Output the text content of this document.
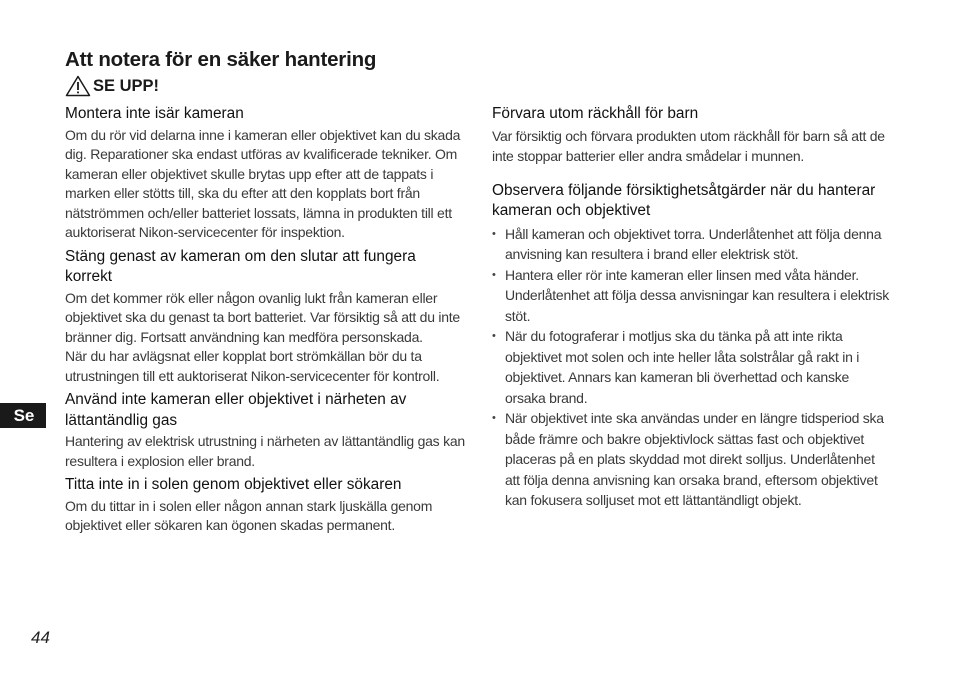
Att notera för en säker hantering
SE UPP!

Montera inte isär kameran

Om du rör vid delarna inne i kameran eller objektivet kan du skada dig. Reparationer ska endast utföras av kvalificerade tekniker. Om kameran eller objektivet skulle brytas upp efter att de tappats i marken eller stötts till, ska du efter att den kopplats bort från nätströmmen och/eller batteriet lossats, lämna in produkten till ett auktoriserat Nikon-servicecenter för inspektion.

Stäng genast av kameran om den slutar att fungera korrekt

Om det kommer rök eller någon ovanlig lukt från kameran eller objektivet ska du genast ta bort batteriet. Var försiktig så att du inte bränner dig. Fortsatt användning kan medföra personskada.

När du har avlägsnat eller kopplat bort strömkällan bör du ta utrustningen till ett auktoriserat Nikon-servicecenter för kontroll.

Använd inte kameran eller objektivet i närheten av lättantändlig gas

Hantering av elektrisk utrustning i närheten av lättantändlig gas kan resultera i explosion eller brand.

Titta inte in i solen genom objektivet eller sökaren

Om du tittar in i solen eller någon annan stark ljuskälla genom objektivet eller sökaren kan ögonen skadas permanent.

Förvara utom räckhåll för barn

Var försiktig och förvara produkten utom räckhåll för barn så att de inte stoppar batterier eller andra smådelar i munnen.

Observera följande försiktighetsåtgärder när du hanterar kameran och objektivet

• Håll kameran och objektivet torra. Underlåtenhet att följa denna anvisning kan resultera i brand eller elektrisk stöt.
• Hantera eller rör inte kameran eller linsen med våta händer. Underlåtenhet att följa dessa anvisningar kan resultera i elektrisk stöt.
• När du fotograferar i motljus ska du tänka på att inte rikta objektivet mot solen och inte heller låta solstrålar gå rakt in i objektivet. Annars kan kameran bli överhettad och kanske orsaka brand.
• När objektivet inte ska användas under en längre tidsperiod ska både främre och bakre objektivlock sättas fast och objektivet placeras på en plats skyddad mot direkt solljus. Underlåtenhet att följa denna anvisning kan orsaka brand, eftersom objektivet kan fokusera solljuset mot ett lättantändligt objekt.
Se
44
